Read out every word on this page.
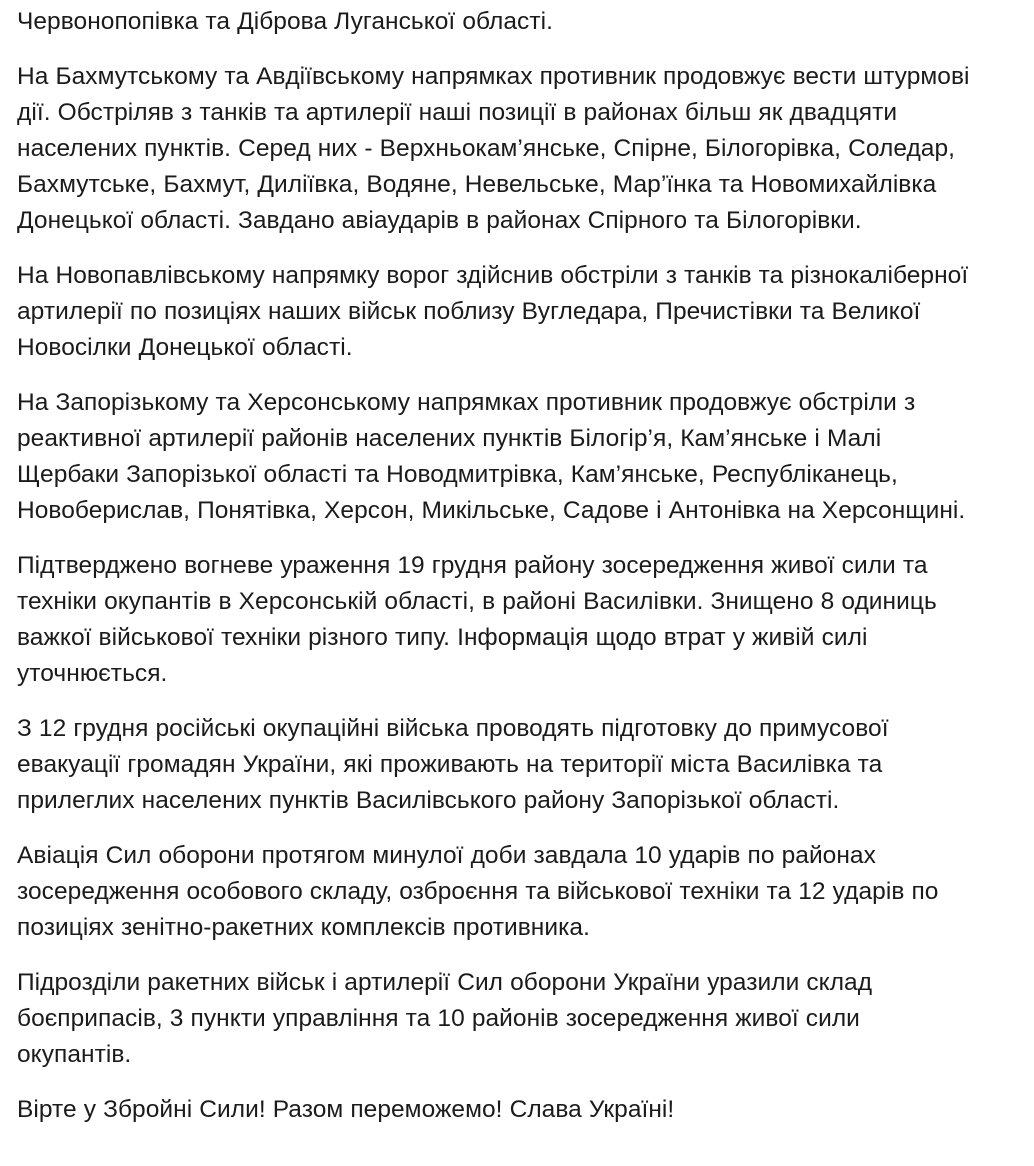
Червонопопівка та Діброва Луганської області.

На Бахмутському та Авдіївському напрямках противник продовжує вести штурмові дії. Обстріляв з танків та артилерії наші позиції в районах більш як двадцяти населених пунктів. Серед них - Верхньокам’янське, Спірне, Білогорівка, Соледар, Бахмутське, Бахмут, Диліївка, Водяне, Невельське, Мар’їнка та Новомихайлівка Донецької області. Завдано авіаударів в районах Спірного та Білогорівки.

На Новопавлівському напрямку ворог здійснив обстріли з танків та різнокаліберної артилерії по позиціях наших військ поблизу Вугледара, Пречистівки та Великої Новосілки Донецької області.

На Запорізькому та Херсонському напрямках противник продовжує обстріли з реактивної артилерії районів населених пунктів Білогір’я, Кам’янське і Малі Щербаки Запорізької області та Новодмитрівка, Кам’янське, Республіканець, Новоберислав, Понятівка, Херсон, Микільське, Садове і Антонівка на Херсонщині.

Підтверджено вогневе ураження 19 грудня району зосередження живої сили та техніки окупантів в Херсонській області, в районі Василівки. Знищено 8 одиниць важкої військової техніки різного типу. Інформація щодо втрат у живій силі уточнюється.

З 12 грудня російські окупаційні війська проводять підготовку до примусової евакуації громадян України, які проживають на території міста Василівка та прилеглих населених пунктів Василівського району Запорізької області.

Авіація Сил оборони протягом минулої доби завдала 10 ударів по районах зосередження особового складу, озброєння та військової техніки та 12 ударів по позиціях зенітно-ракетних комплексів противника.

Підрозділи ракетних військ і артилерії Сил оборони України уразили склад боєприпасів, 3 пункти управління та 10 районів зосередження живої сили окупантів.

Вірте у Збройні Сили! Разом переможемо! Слава Україні!
